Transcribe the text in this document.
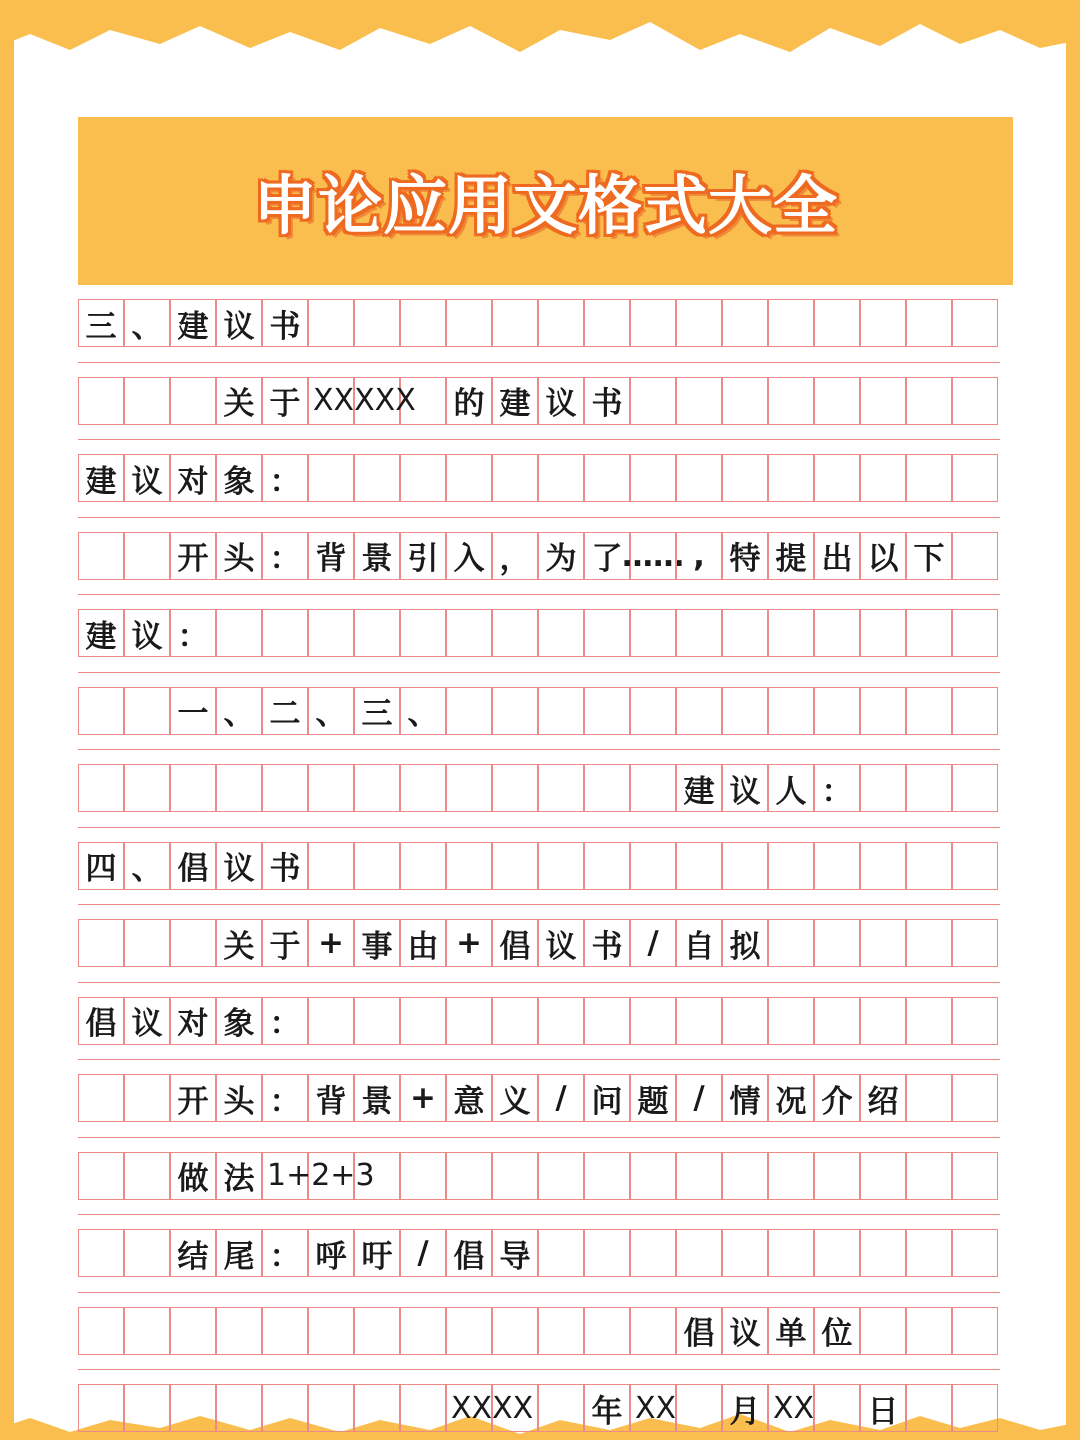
申论应用文格式大全
三 、 建 议 书
关 于 XXXXX 的 建 议 书
建 议 对 象 ：
开 头 ： 背 景 引 入 ， 为 了 …… , 特 提 出 以 下
建 议 ：
一 、 二 、 三 、
建 议 人 ：
四 、 倡 议 书
关 于 + 事 由 + 倡 议 书 / 自 拟
倡 议 对 象 ：
开 头 ： 背 景 + 意 义 / 问 题 / 情 况 介 绍
做 法 1+2+3
结 尾 ： 呼 吁 / 倡 导
倡 议 单 位
XXXX 年 XX 月 XX 日
